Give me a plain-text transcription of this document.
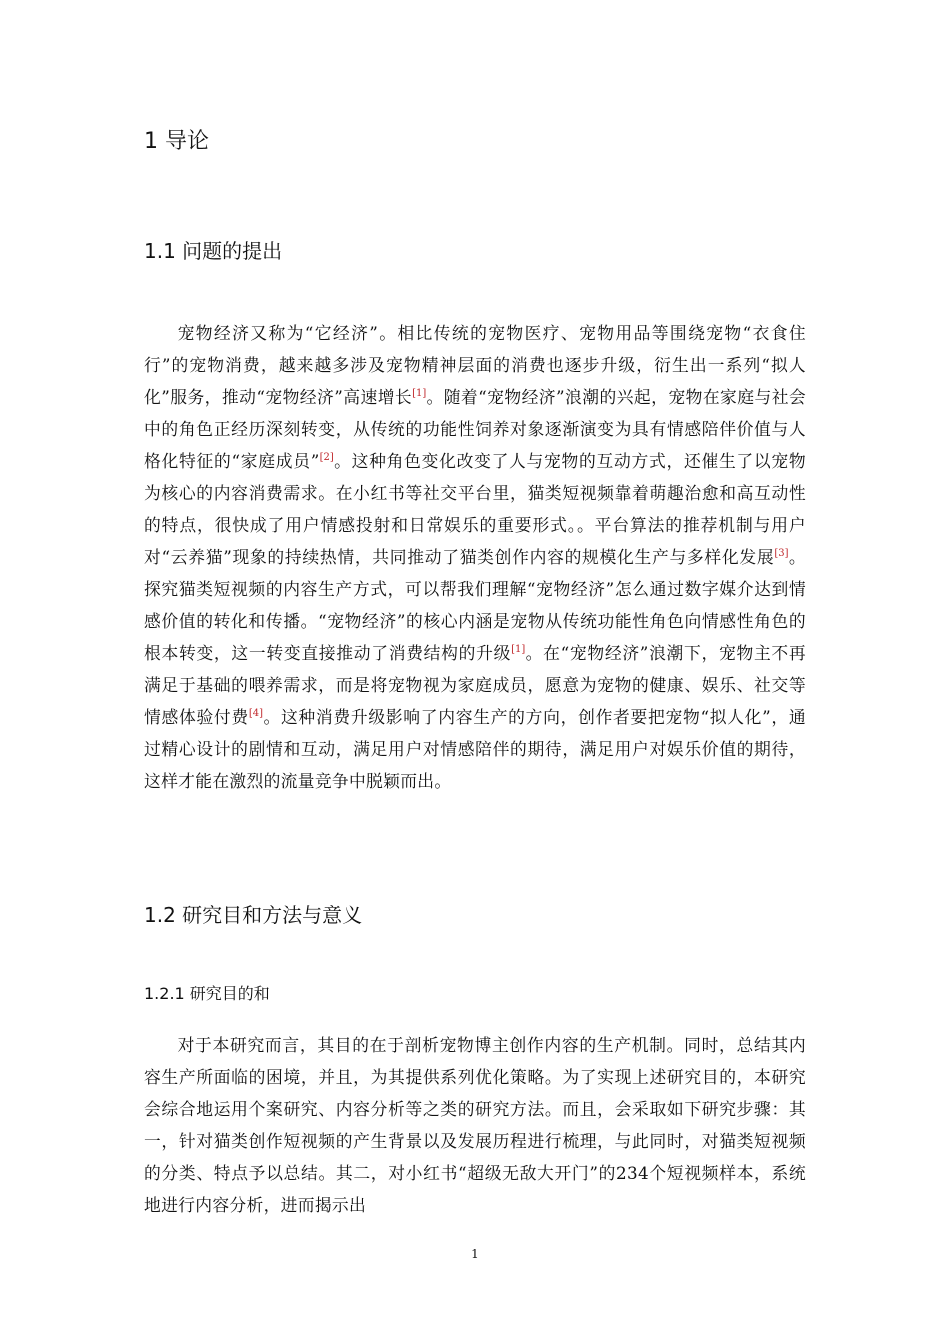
1 导论
1.1 问题的提出

宠物经济又称为“它经济”。相比传统的宠物医疗、宠物用品等围绕宠物“衣食住行”的宠物消费，越来越多涉及宠物精神层面的消费也逐步升级，衍生出一系列“拟人化”服务，推动“宠物经济”高速增长[1]。随着“宠物经济”浪潮的兴起，宠物在家庭与社会中的角色正经历深刻转变，从传统的功能性饲养对象逐渐演变为具有情感陪伴价值与人格化特征的“家庭成员”[2]。这种角色变化改变了人与宠物的互动方式，还催生了以宠物为核心的内容消费需求。在小红书等社交平台里，猫类短视频靠着萌趣治愈和高互动性的特点，很快成了用户情感投射和日常娱乐的重要形式。。平台算法的推荐机制与用户对“云养猫”现象的持续热情，共同推动了猫类创作内容的规模化生产与多样化发展[3]。探究猫类短视频的内容生产方式，可以帮我们理解“宠物经济”怎么通过数字媒介达到情感价值的转化和传播。“宠物经济”的核心内涵是宠物从传统功能性角色向情感性角色的根本转变，这一转变直接推动了消费结构的升级[1]。在“宠物经济”浪潮下，宠物主不再满足于基础的喂养需求，而是将宠物视为家庭成员，愿意为宠物的健康、娱乐、社交等情感体验付费[4]。这种消费升级影响了内容生产的方向，创作者要把宠物“拟人化”，通过精心设计的剧情和互动，满足用户对情感陪伴的期待，满足用户对娱乐价值的期待，这样才能在激烈的流量竞争中脱颖而出。

1.2 研究目和方法与意义
1.2.1 研究目的和

对于本研究而言，其目的在于剖析宠物博主创作内容的生产机制。同时，总结其内容生产所面临的困境，并且，为其提供系列优化策略。为了实现上述研究目的，本研究会综合地运用个案研究、内容分析等之类的研究方法。而且，会采取如下研究步骤：其一，针对猫类创作短视频的产生背景以及发展历程进行梳理，与此同时，对猫类短视频的分类、特点予以总结。其二，对小红书“超级无敌大开门”的234个短视频样本，系统地进行内容分析，进而揭示出

1
